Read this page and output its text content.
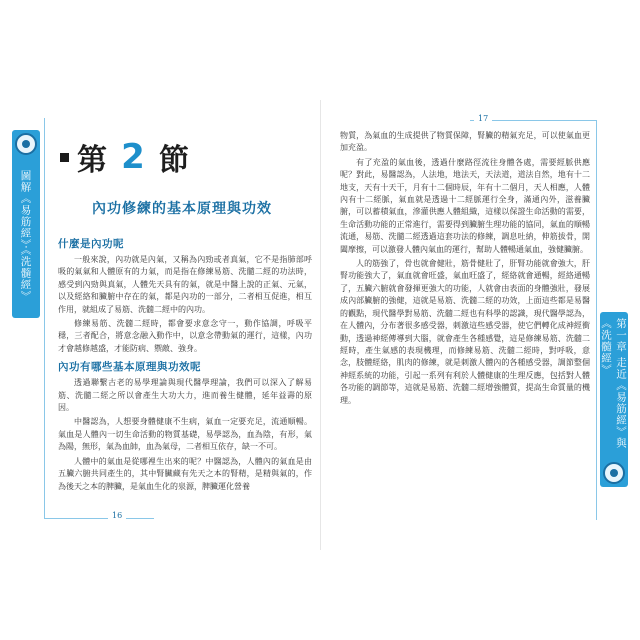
圖解《易筋經》‧《洗髓經》
第 2 節
內功修練的基本原理與功效
什麼是內功呢

一般來說，內功就是內氣，又稱為內勁或者真氣，它不是指肺部呼吸的氣氣和人體原有的力氣，而是指在修練易筋、洗髓二經的功法時，感受到內勁與真氣，人體先天具有的氣，就是中醫上說的正氣、元氣，以及經絡和臟腑中存在的氣，都是內功的一部分，二者相互促進，相互作用，就組成了易筋、洗髓二經中的內功。

修練易筋、洗髓二經時，都會要求意念守一，動作協調，呼吸平穩，三者配合，將意念融入動作中，以意念帶動氣的運行，這樣，內功才會越修越盛，才能防病、禦敵、強身。

內功有哪些基本原理與功效呢

透過聯繫古老的易學理論與現代醫學理論，我們可以深入了解易筋、洗髓二經之所以會產生大功大力，進而養生健體，延年益壽的原因。

中醫認為，人想要身體健康不生病，氣血一定要充足，流通順暢。氣血是人體內一切生命活動的物質基礎，易學認為，血為陰，有形，氣為陽，無形，氣為血帥，血為氣母，二者相互依存，缺一不可。

人體中的氣血是從哪裡生出來的呢？中醫認為，人體內的氣血是由五臟六腑共同產生的，其中腎臟藏有先天之本的腎精，是精與氣的，作為後天之本的脾臟，是氣血生化的泉源，脾臟運化營養

16
17

物質，為氣血的生成提供了物質保障，腎臟的精氣充足，可以使氣血更加充盈。

有了充盈的氣血後，透過什麼路徑流往身體各處，需要經脈供應呢？對此，易醫認為，人法地，地法天，天法道，道法自然，地有十二地支，天有十天干，月有十二個時辰，年有十二個月，天人相應，人體內有十二經脈，氣血就是透過十二經脈運行全身，滿通內外，滋養臟腑，可以蓄積氣血，滲灌供應人體組織，這樣以保證生命活動的需要，生命活動功能的正常進行，需要得到臟腑生理功能的協同，氣血的順暢流通，易筋、洗髓二經透過這套功法的修練，調息吐納，伸筋拔骨，開闔摩擦，可以激發人體內氣血的運行，幫助人體暢通氣血，強健臟腑。

人的筋強了，骨也就會健壯，筋骨健壯了，肝腎功能就會強大，肝腎功能強大了，氣血就會旺盛，氣血旺盛了，經絡就會通暢，經絡通暢了，五臟六腑就會發揮更強大的功能，人就會由表面的身體強壯，發展成內部臟腑的強健，這就是易筋、洗髓二經的功效，上面這些都是易醫的觀點，現代醫學對易筋、洗髓二經也有科學的認識，現代醫學認為，在人體內，分布著很多感受器，刺激這些感受器，使它們轉化成神經衝動，透過神經傳導到大腦，就會產生各種感覺，這是修練易筋、洗髓二經時，產生氣感的表現機理，而修練易筋、洗髓二經時，對呼吸，意念，肢體經絡，肌肉的修練，就是刺激人體內的各種感受器，調節整個神經系統的功能，引起一系列有利於人體健康的生理反應，包括對人體各功能的調節等，這就是易筋、洗髓二經增強體質，提高生命質量的機理。	第一章 走近《易筋經》與《洗髓經》
